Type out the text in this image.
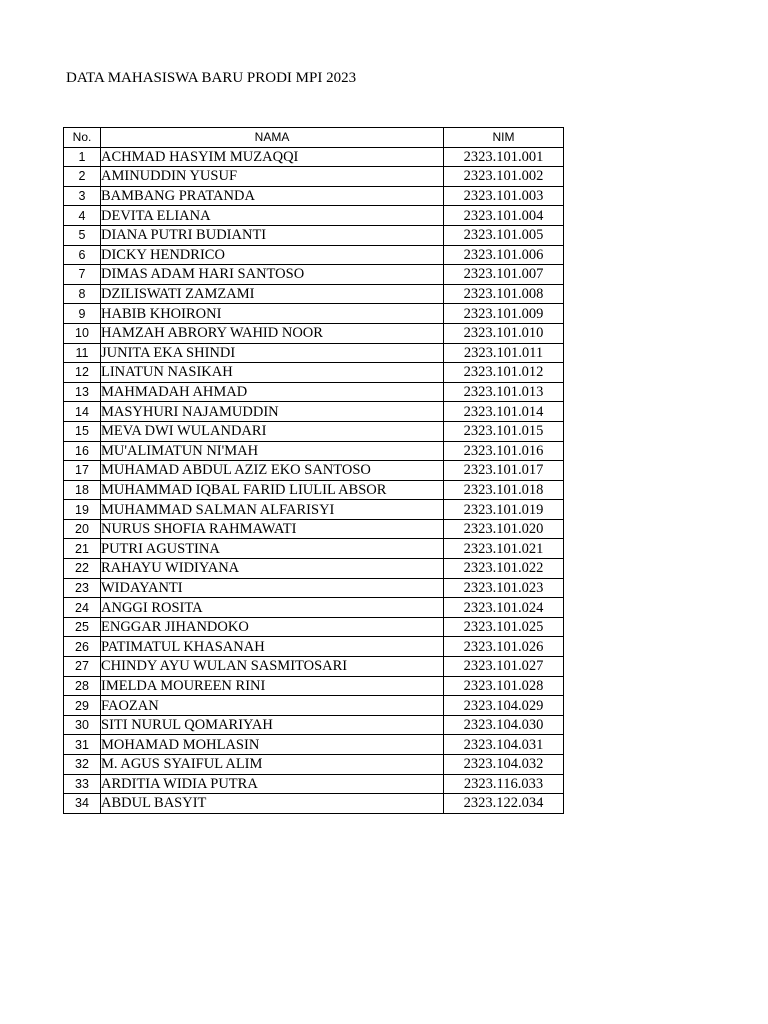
DATA MAHASISWA BARU PRODI MPI 2023
No.	NAMA	NIM
1	ACHMAD HASYIM MUZAQQI	2323.101.001
2	AMINUDDIN YUSUF	2323.101.002
3	BAMBANG PRATANDA	2323.101.003
4	DEVITA ELIANA	2323.101.004
5	DIANA PUTRI BUDIANTI	2323.101.005
6	DICKY HENDRICO	2323.101.006
7	DIMAS ADAM HARI SANTOSO	2323.101.007
8	DZILISWATI ZAMZAMI	2323.101.008
9	HABIB KHOIRONI	2323.101.009
10	HAMZAH ABRORY WAHID NOOR	2323.101.010
11	JUNITA EKA SHINDI	2323.101.011
12	LINATUN NASIKAH	2323.101.012
13	MAHMADAH AHMAD	2323.101.013
14	MASYHURI NAJAMUDDIN	2323.101.014
15	MEVA DWI WULANDARI	2323.101.015
16	MU'ALIMATUN NI'MAH	2323.101.016
17	MUHAMAD ABDUL AZIZ EKO SANTOSO	2323.101.017
18	MUHAMMAD IQBAL FARID LIULIL ABSOR	2323.101.018
19	MUHAMMAD SALMAN ALFARISYI	2323.101.019
20	NURUS SHOFIA RAHMAWATI	2323.101.020
21	PUTRI AGUSTINA	2323.101.021
22	RAHAYU WIDIYANA	2323.101.022
23	WIDAYANTI	2323.101.023
24	ANGGI ROSITA	2323.101.024
25	ENGGAR JIHANDOKO	2323.101.025
26	PATIMATUL KHASANAH	2323.101.026
27	CHINDY AYU WULAN SASMITOSARI	2323.101.027
28	IMELDA MOUREEN RINI	2323.101.028
29	FAOZAN	2323.104.029
30	SITI NURUL QOMARIYAH	2323.104.030
31	MOHAMAD MOHLASIN	2323.104.031
32	M. AGUS SYAIFUL ALIM	2323.104.032
33	ARDITIA WIDIA PUTRA	2323.116.033
34	ABDUL BASYIT	2323.122.034
